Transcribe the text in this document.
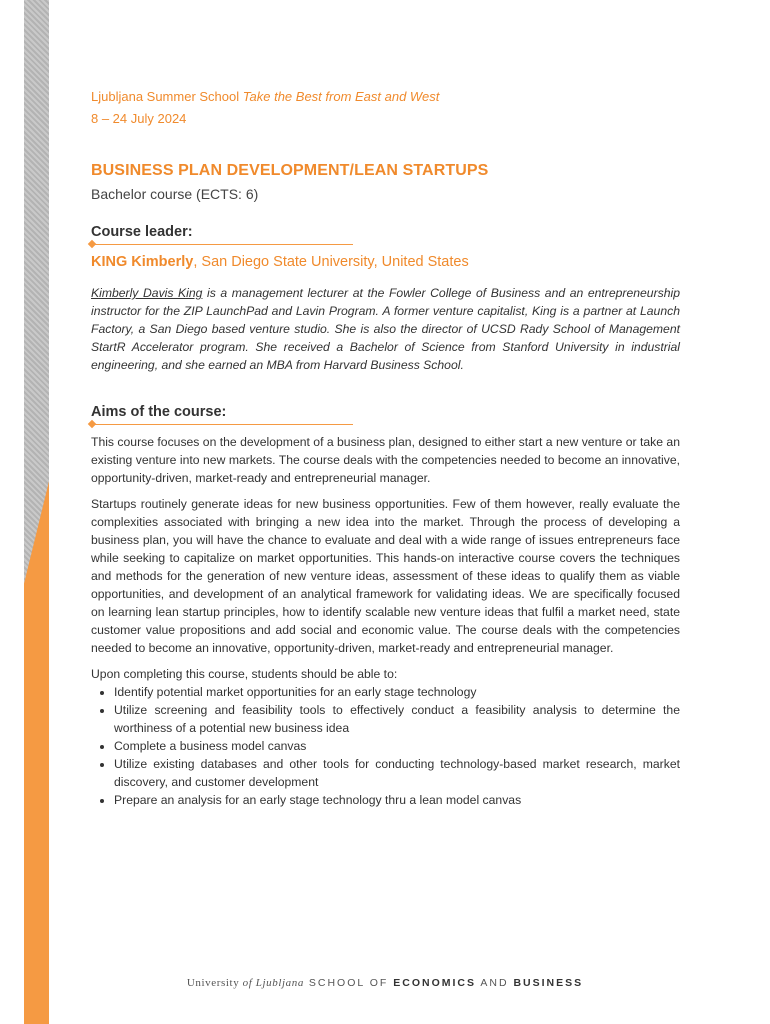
Ljubljana Summer School Take the Best from East and West
8 – 24 July 2024
BUSINESS PLAN DEVELOPMENT/LEAN STARTUPS
Bachelor course (ECTS: 6)
Course leader:
KING Kimberly, San Diego State University, United States
Kimberly Davis King is a management lecturer at the Fowler College of Business and an entrepreneurship instructor for the ZIP LaunchPad and Lavin Program. A former venture capitalist, King is a partner at Launch Factory, a San Diego based venture studio. She is also the director of UCSD Rady School of Management StartR Accelerator program. She received a Bachelor of Science from Stanford University in industrial engineering, and she earned an MBA from Harvard Business School.
Aims of the course:

This course focuses on the development of a business plan, designed to either start a new venture or take an existing venture into new markets. The course deals with the competencies needed to become an innovative, opportunity-driven, market-ready and entrepreneurial manager.

Startups routinely generate ideas for new business opportunities. Few of them however, really evaluate the complexities associated with bringing a new idea into the market. Through the process of developing a business plan, you will have the chance to evaluate and deal with a wide range of issues entrepreneurs face while seeking to capitalize on market opportunities. This hands-on interactive course covers the techniques and methods for the generation of new venture ideas, assessment of these ideas to qualify them as viable opportunities, and development of an analytical framework for validating ideas. We are specifically focused on learning lean startup principles, how to identify scalable new venture ideas that fulfil a market need, state customer value propositions and add social and economic value. The course deals with the competencies needed to become an innovative, opportunity-driven, market-ready and entrepreneurial manager.

Upon completing this course, students should be able to:

• Identify potential market opportunities for an early stage technology
• Utilize screening and feasibility tools to effectively conduct a feasibility analysis to determine the worthiness of a potential new business idea
• Complete a business model canvas
• Utilize existing databases and other tools for conducting technology-based market research, market discovery, and customer development
• Prepare an analysis for an early stage technology thru a lean model canvas
University of Ljubljana SCHOOL OF ECONOMICS AND BUSINESS
